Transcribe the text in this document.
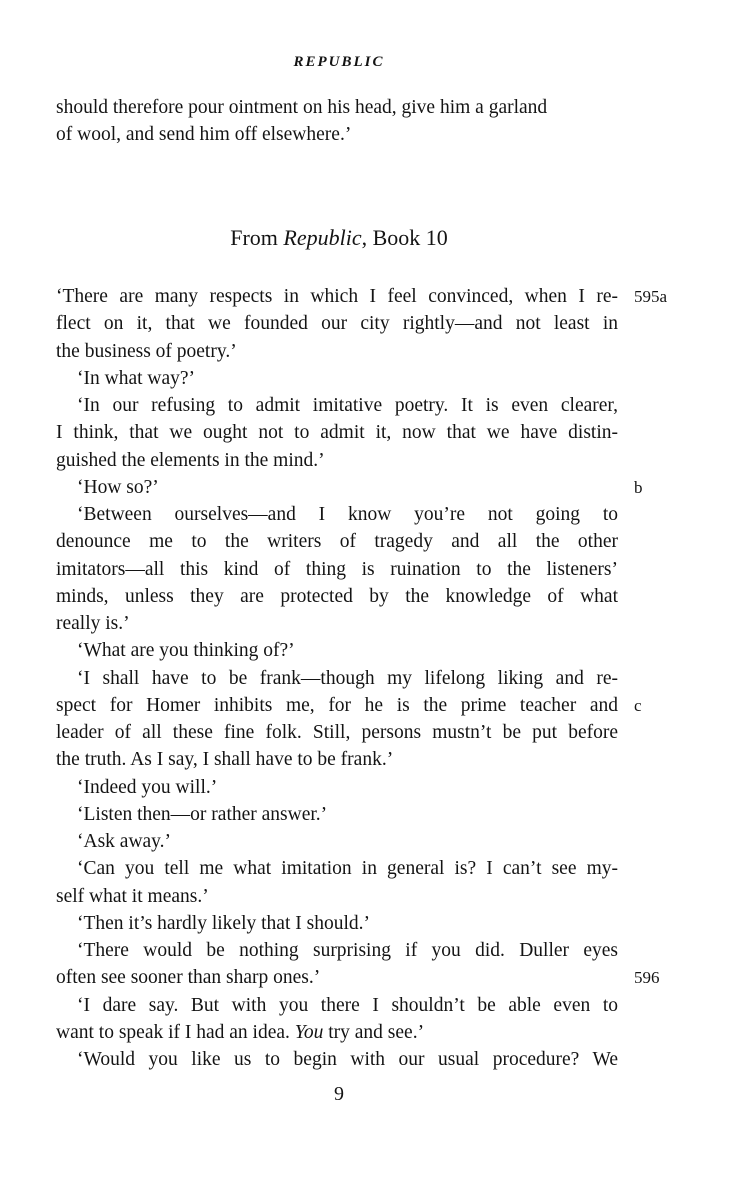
REPUBLIC
should therefore pour ointment on his head, give him a garland
of wool, and send him off elsewhere.’
From Republic, Book 10
‘There are many respects in which I feel convinced, when I re- 595a
flect on it, that we founded our city rightly—and not least in
the business of poetry.’
‘In what way?’
‘In our refusing to admit imitative poetry. It is even clearer,
I think, that we ought not to admit it, now that we have distin-
guished the elements in the mind.’
‘How so?’	b
‘Between ourselves—and I know you’re not going to
denounce me to the writers of tragedy and all the other
imitators—all this kind of thing is ruination to the listeners’
minds, unless they are protected by the knowledge of what
really is.’
‘What are you thinking of?’
‘I shall have to be frank—though my lifelong liking and re-
spect for Homer inhibits me, for he is the prime teacher and c
leader of all these fine folk. Still, persons mustn’t be put before
the truth. As I say, I shall have to be frank.’
‘Indeed you will.’
‘Listen then—or rather answer.’
‘Ask away.’
‘Can you tell me what imitation in general is? I can’t see my-
self what it means.’
‘Then it’s hardly likely that I should.’
‘There would be nothing surprising if you did. Duller eyes
often see sooner than sharp ones.’	596
‘I dare say. But with you there I shouldn’t be able even to
want to speak if I had an idea. You try and see.’
‘Would you like us to begin with our usual procedure? We
9
